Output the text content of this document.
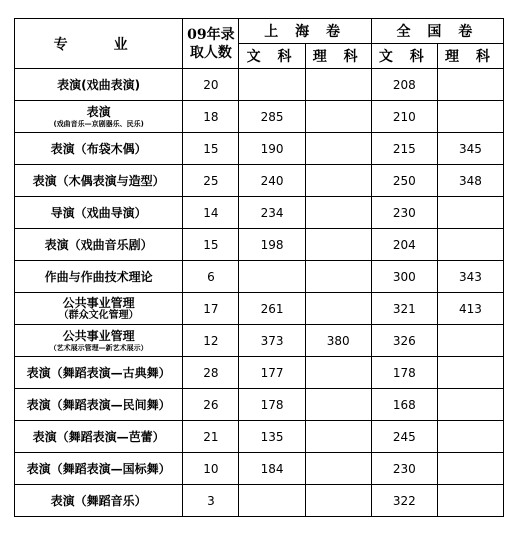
专　业	09年录
取人数	上 海 卷		全 国 卷	
		文 科	理 科	文 科	理 科

表演(戏曲表演)	20			208	

表演
(戏曲音乐—京剧器乐、民乐)	18	285		210	

表演（布袋木偶）	15	190		215	345

表演（木偶表演与造型）	25	240		250	348

导演（戏曲导演）	14	234		230	

表演（戏曲音乐剧）	15	198		204	

作曲与作曲技术理论	6			300	343

公共事业管理
（群众文化管理）	17	261		321	413

公共事业管理
（艺术展示管理—新艺术展示）	12	373	380	326	

表演（舞蹈表演—古典舞）	28	177		178	

表演（舞蹈表演—民间舞）	26	178		168	

表演（舞蹈表演—芭蕾）	21	135		245	

表演（舞蹈表演—国标舞）	10	184		230	

表演（舞蹈音乐）	3			322	
